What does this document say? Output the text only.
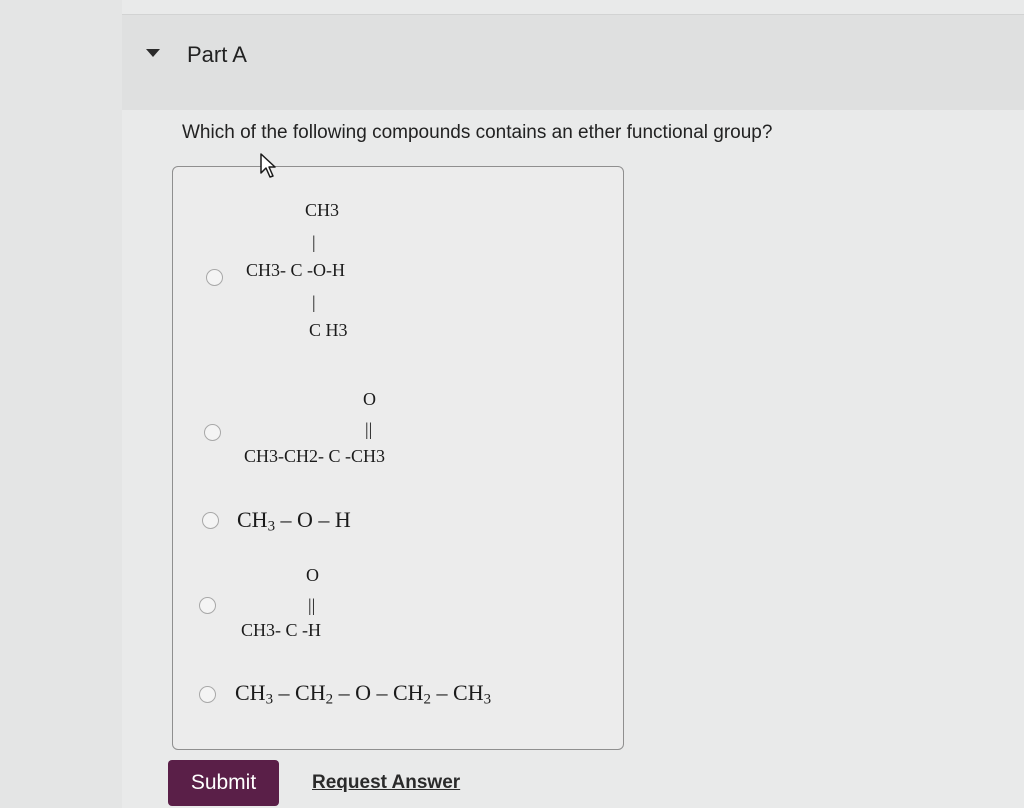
Part A
Which of the following compounds contains an ether functional group?
CH3
|
CH3- C -O-H
|
C H3
O
||
CH3-CH2- C -CH3
$CH_3$ – O – H
O
||
CH3- C -H
$CH_3 - CH_2$ – O – $CH_2 - CH_3$
Submit	Request Answer
